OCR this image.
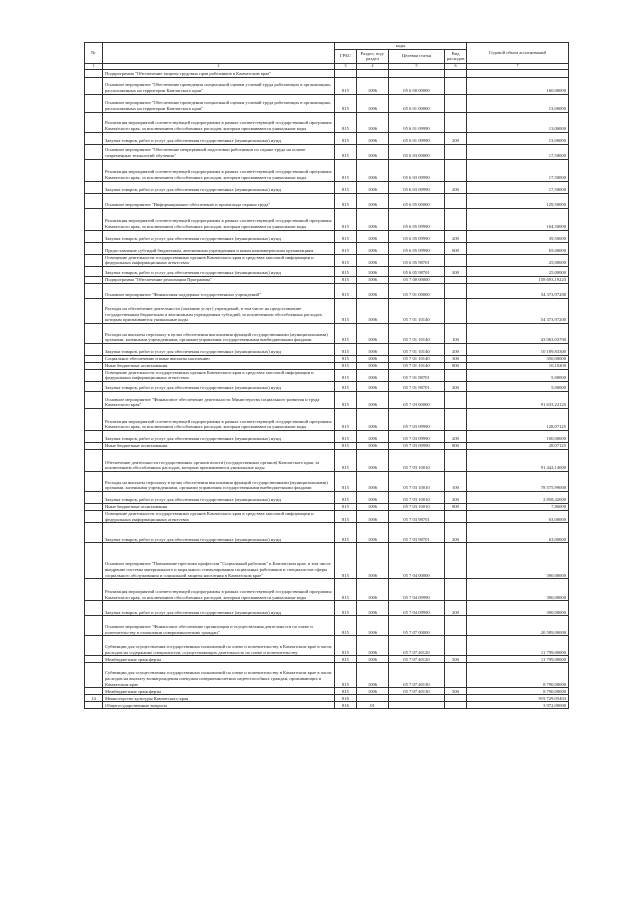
№		коды				Годовой объем ассигнований
		ГРБС	Раздел, под-раздел	Целевая статья	Вид расходов	
1	2	3	4	5	6	7
	Подпрограмма "Обеспечение защиты трудовых прав работников в Камчатском крае"					
	Основное мероприятие "Обеспечение проведения специальной оценки условий труда работающих в организациях, расположенных на территории Камчатского края"	815	1006	05 6 00 00000		160,00000
	Основное мероприятие "Обеспечение проведения специальной оценки условий труда работающих в организациях, расположенных на территории Камчатского края"	815	1006	05 6 01 00000		13,00000
	Реализация мероприятий соответствующей подпрограммы в рамках соответствующей государственной программы Камчатского края, за исключением обособленных расходов, которым присваиваются уникальные коды	815	1006	05 6 01 09990		13,00000
	Закупка товаров, работ и услуг для обеспечения государственных (муниципальных) нужд	815	1006	05 6 01 09990	200	13,00000
	Основное мероприятие "Обеспечение непрерывной подготовки работников по охране труда на основе современных технологий обучения"	815	1006	05 6 03 00000		17,50000
	Реализация мероприятий соответствующей подпрограммы в рамках соответствующей государственной программы Камчатского края, за исключением обособленных расходов, которым присваиваются уникальные коды	815	1006	05 6 03 09990		17,50000
	Закупка товаров, работ и услуг для обеспечения государственных (муниципальных) нужд	815	1006	05 6 03 09990	200	17,50000
	Основное мероприятие "Информационное обеспечение и пропаганда охраны труда"	815	1006	05 6 05 00000		129,50000
	Реализация мероприятий соответствующей подпрограммы в рамках соответствующей государственной программы Камчатского края, за исключением обособленных расходов, которым присваиваются уникальные коды	815	1006	05 6 05 09990		104,50000
	Закупка товаров, работ и услуг для обеспечения государственных (муниципальных) нужд	815	1006	05 6 05 09990	200	39,50000
	Предоставление субсидий бюджетным, автономным учреждениям и иным некоммерческим организациям	815	1006	05 6 05 09990	600	65,00000
	Освещение деятельности государственных органов Камчатского края в средствах массовой информации и федеральных информационных агентствах	815	1006	05 6 05 98701		25,00000
	Закупка товаров, работ и услуг для обеспечения государственных (муниципальных) нужд	815	1006	05 6 05 98701	200	25,00000
	Подпрограмма "Обеспечение реализации Программы"	815	1006	05 7 00 00000		158 693,19223
	Основное мероприятие "Финансовая поддержка государственных учреждений"	815	1006	05 7 01 00000		54 373,97200
	Расходы на обеспечение деятельности (оказание услуг) учреждений, в том числе на предоставление государственным бюджетным и автономным учреждениям субсидий, за исключением обособленных расходов, которым присваиваются уникальные коды	815	1006	05 7 01 10140		54 373,97200
	Расходы на выплаты персоналу в целях обеспечения выполнения функций государственными (муниципальными) органами, казенными учреждениями, органами управления государственными внебюджетными фондами	815	1006	05 7 01 10140	100	43 063,03700
	Закупка товаров, работ и услуг для обеспечения государственных (муниципальных) нужд	815	1006	05 7 01 10140	200	10 189,83300
	Социальное обеспечение и иные выплаты населению	815	1006	05 7 01 10140	300	350,00000
	Иные бюджетные ассигнования	815	1006	05 7 01 10140	800	10,10200
	Освещение деятельности государственных органов Камчатского края в средствах массовой информации и федеральных информационных агентствах	815	1006	05 7 01 98701		5,00000
	Закупка товаров, работ и услуг для обеспечения государственных (муниципальных) нужд	815	1006	05 7 01 98701	200	5,00000
	Основное мероприятие "Финансовое обеспечение деятельности Министерства социального развития и труда Камчатского края"	815	1006	05 7 03 00000		91 633,22125
	Реализация мероприятий соответствующей подпрограммы в рамках соответствующей государственной программы Камчатского края, за исключением обособленных расходов, которым присваиваются уникальные коды	815	1006	05 7 03 09990		128,07125
	Закупка товаров, работ и услуг для обеспечения государственных (муниципальных) нужд	815	1006	05 7 03 09990	200	100,00000
	Иные бюджетные ассигнования	815	1006	05 7 03 09990	800	28,07125
	Обеспечение деятельности государственных органов власти (государственных органов) Камчатского края, за исключением обособленных расходов, которым присваиваются уникальные коды	815	1006	05 7 03 10010		91 442,14000
	Расходы на выплаты персоналу в целях обеспечения выполнения функций государственными (муниципальными) органами, казенными учреждениями, органами управления государственными внебюджетными фондами	815	1006	05 7 03 10010	100	78 575,99000
	Закупка товаров, работ и услуг для обеспечения государственных (муниципальных) нужд	815	1006	05 7 03 10010	200	2 858,42000
	Иные бюджетные ассигнования	815	1006	05 7 03 10010	800	7,86000
	Освещение деятельности государственных органов Камчатского края в средствах массовой информации и федеральных информационных агентствах	815	1006	05 7 03 98701		63,00000
	Закупка товаров, работ и услуг для обеспечения государственных (муниципальных) нужд	815	1006	05 7 03 98701	200	63,00000
	Основное мероприятие "Повышение престижа профессии "Социальный работник" в Камчатском крае, в том числе внедрение системы материального и морального стимулирования социальных работников и специалистов сферы социального обслуживания и социальной защиты населения в Камчатском крае"	815	1006	05 7 04 00000		390,00000
	Реализация мероприятий соответствующей подпрограммы в рамках соответствующей государственной программы Камчатского края, за исключением обособленных расходов, которым присваиваются уникальные коды	815	1006	05 7 04 09990		390,00000
	Закупка товаров, работ и услуг для обеспечения государственных (муниципальных) нужд	815	1006	05 7 04 09990	200	390,00000
	Основное мероприятие "Финансовое обеспечение организации и осуществления деятельности по опеке и попечительству в отношении совершеннолетних граждан"	815	1006	05 7 07 00000		20 589,00000
	Субвенции для осуществления государственных полномочий по опеке и попечительству в Камчатском крае в части расходов на содержание специалистов, осуществляющих деятельность по опеке и попечительству	815	1006	05 7 07 40120		11 799,00000
	Межбюджетные трансферты	815	1006	05 7 07 40120	500	11 799,00000
	Субвенции для осуществления государственных полномочий по опеке и попечительству в Камчатском крае в части расходов на выплату вознаграждения опекунам совершеннолетних недееспособных граждан, проживающих в Камчатском крае	815	1006	05 7 07 40130		8 790,00000
	Межбюджетные трансферты	815	1006	05 7 07 40130	500	8 790,00000
14	Министерство культуры Камчатского края	816				919 729,05403
	Общегосударственные вопросы	816	01			3 972,00000
